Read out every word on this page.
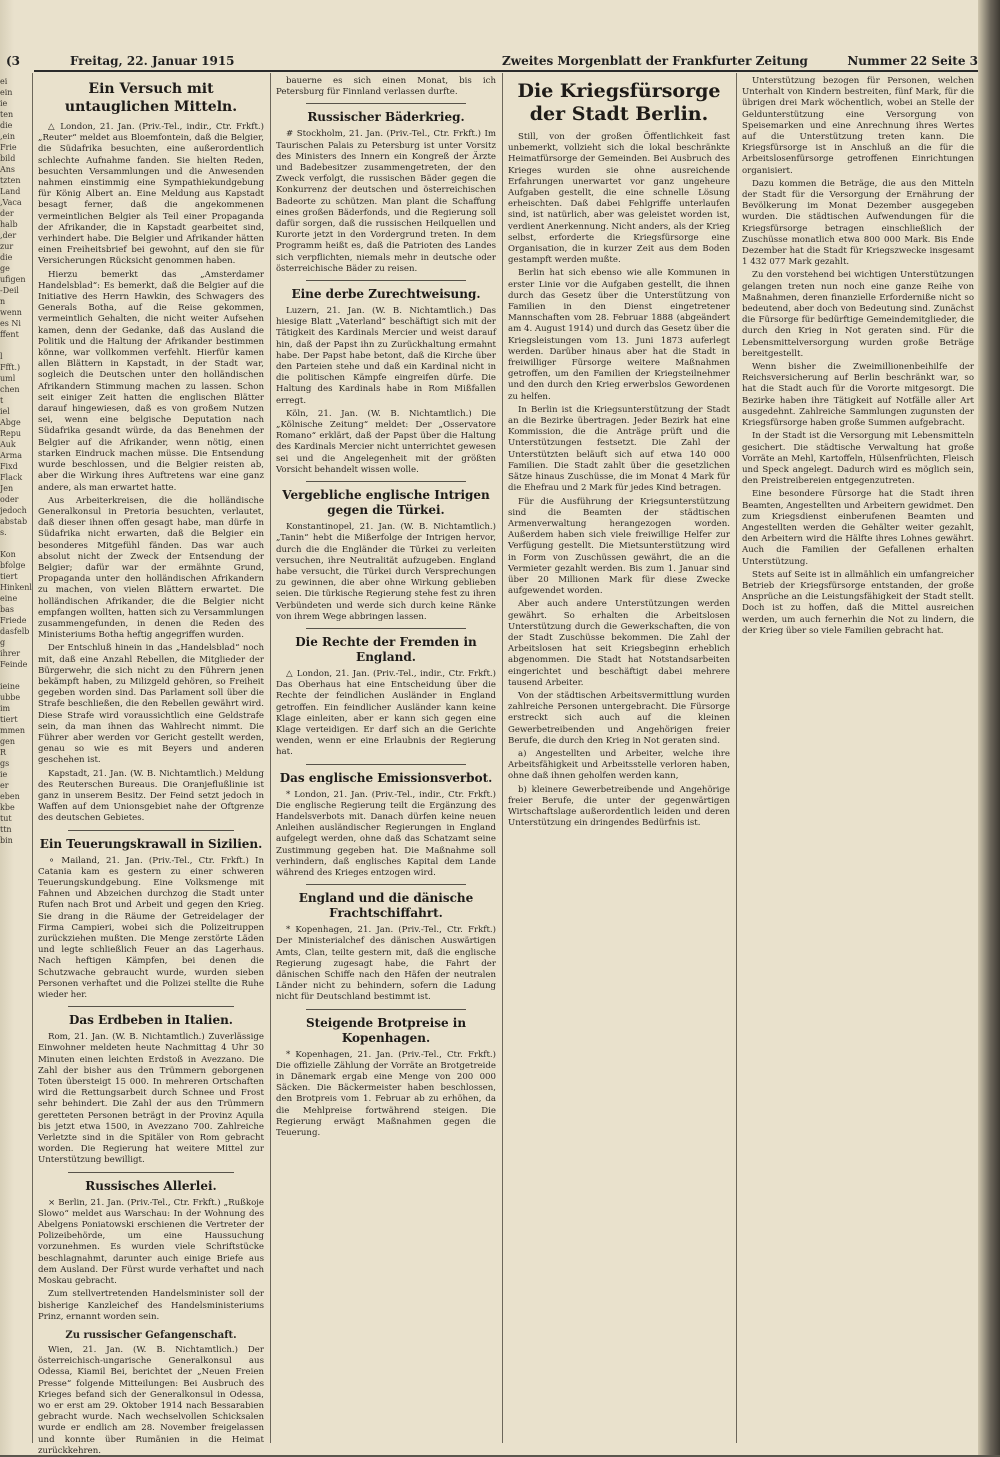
(3	Freitag, 22. Januar 1915	Zweites Morgenblatt der Frankfurter Zeitung	Nummer 22 Seite 3
ei
ein
ie
ten
die
,ein
Frie
bild
Ans
tzten
Land
,Vaca
der
halb
,der
zur
die
ge
ufigen
-Deil
n
wenn
es Ni
ffent

l
Ffft.)
uml
chen
t
iel
Abge
Repu
Auk
Arma
Fixd
Flack
Jen
oder
jedoch
abstab
s.

Kon
bfolge
tiert
Hinkenl
eine
bas
Friede
dasfelb
g
ihrer
Feinde

ieine
ubbe
im
tiert
mmen
gen
R
gs
ie
er
eben
kbe
tut
ttn
bin
Ein Versuch mit untauglichen Mitteln.

△ London, 21. Jan. (Priv.-Tel., indir., Ctr. Frkft.) „Reuter“ meldet aus Bloemfontein, daß die Belgier, die Südafrika besuchten, eine außerordentlich schlechte Aufnahme fanden. Sie hielten Reden, besuchten Versammlungen und die Anwesenden nahmen einstimmig eine Sympathiekundgebung für König Albert an. Eine Meldung aus Kapstadt besagt ferner, daß die angekommenen vermeintlichen Belgier als Teil einer Propaganda der Afrikander, die in Kapstadt gearbeitet sind, verhindert habe. Die Belgier und Afrikander hätten einen Freiheitsbrief bei gewohnt, auf den sie für Versicherungen Rücksicht genommen haben.

Hierzu bemerkt das „Amsterdamer Handelsblad“: Es bemerkt, daß die Belgier auf die Initiative des Herrn Hawkin, des Schwagers des Generals Botha, auf die Reise gekommen, vermeintlich Gehalten, die nicht weiter Aufsehen kamen, denn der Gedanke, daß das Ausland die Politik und die Haltung der Afrikander bestimmen könne, war vollkommen verfehlt. Hierfür kamen allen Blättern in Kapstadt, in der Stadt war, sogleich die Deutschen unter den holländischen Afrikandern Stimmung machen zu lassen. Schon seit einiger Zeit hatten die englischen Blätter darauf hingewiesen, daß es von großem Nutzen sei, wenn eine belgische Deputation nach Südafrika gesandt würde, da das Benehmen der Belgier auf die Afrikander, wenn nötig, einen starken Eindruck machen müsse. Die Entsendung wurde beschlossen, und die Belgier reisten ab, aber die Wirkung ihres Auftretens war eine ganz andere, als man erwartet hatte.

Aus Arbeiterkreisen, die die holländische Generalkonsul in Pretoria besuchten, verlautet, daß dieser ihnen offen gesagt habe, man dürfe in Südafrika nicht erwarten, daß die Belgier ein besonderes Mitgefühl fänden. Das war auch absolut nicht der Zweck der Entsendung der Belgier; dafür war der ermähnte Grund, Propaganda unter den holländischen Afrikandern zu machen, von vielen Blättern erwartet. Die holländischen Afrikander, die die Belgier nicht empfangen wollten, hatten sich zu Versammlungen zusammengefunden, in denen die Reden des Ministeriums Botha heftig angegriffen wurden.

Der Entschluß hinein in das „Handelsblad“ noch mit, daß eine Anzahl Rebellen, die Mitglieder der Bürgerwehr, die sich nicht zu den Führern jenen bekämpft haben, zu Milizgeld gehören, so Freiheit gegeben worden sind. Das Parlament soll über die Strafe beschließen, die den Rebellen gewährt wird. Diese Strafe wird voraussichtlich eine Geldstrafe sein, da man ihnen das Wahlrecht nimmt. Die Führer aber werden vor Gericht gestellt werden, genau so wie es mit Beyers und anderen geschehen ist.

Kapstadt, 21. Jan. (W. B. Nichtamtlich.) Meldung des Reuterschen Bureaus. Die Oranjeflußlinie ist ganz in unserem Besitz. Der Feind setzt jedoch in Waffen auf dem Unionsgebiet nahe der Oftgrenze des deutschen Gebietes.

Ein Teuerungskrawall in Sizilien.

⚬ Mailand, 21. Jan. (Priv.-Tel., Ctr. Frkft.) In Catania kam es gestern zu einer schweren Teuerungskundgebung. Eine Volksmenge mit Fahnen und Abzeichen durchzog die Stadt unter Rufen nach Brot und Arbeit und gegen den Krieg. Sie drang in die Räume der Getreidelager der Firma Campieri, wobei sich die Polizeitruppen zurückziehen mußten. Die Menge zerstörte Läden und legte schließlich Feuer an das Lagerhaus. Nach heftigen Kämpfen, bei denen die Schutzwache gebraucht wurde, wurden sieben Personen verhaftet und die Polizei stellte die Ruhe wieder her.

Das Erdbeben in Italien.

Rom, 21. Jan. (W. B. Nichtamtlich.) Zuverlässige Einwohner meldeten heute Nachmittag 4 Uhr 30 Minuten einen leichten Erdstoß in Avezzano. Die Zahl der bisher aus den Trümmern geborgenen Toten übersteigt 15 000. In mehreren Ortschaften wird die Rettungsarbeit durch Schnee und Frost sehr behindert. Die Zahl der aus den Trümmern geretteten Personen beträgt in der Provinz Aquila bis jetzt etwa 1500, in Avezzano 700. Zahlreiche Verletzte sind in die Spitäler von Rom gebracht worden. Die Regierung hat weitere Mittel zur Unterstützung bewilligt.

Russisches Allerlei.

× Berlin, 21. Jan. (Priv.-Tel., Ctr. Frkft.) „Rußkoje Slowo“ meldet aus Warschau: In der Wohnung des Abelgens Poniatowski erschienen die Vertreter der Polizeibehörde, um eine Haussuchung vorzunehmen. Es wurden viele Schriftstücke beschlagnahmt, darunter auch einige Briefe aus dem Ausland. Der Fürst wurde verhaftet und nach Moskau gebracht.

Zum stellvertretenden Handelsminister soll der bisherige Kanzleichef des Handelsministeriums Prinz, ernannt worden sein.

Zu russischer Gefangenschaft.

Wien, 21. Jan. (W. B. Nichtamtlich.) Der österreichisch-ungarische Generalkonsul aus Odessa, Kiamil Bei, berichtet der „Neuen Freien Presse“ folgende Mitteilungen: Bei Ausbruch des Krieges befand sich der Generalkonsul in Odessa, wo er erst am 29. Oktober 1914 nach Bessarabien gebracht wurde. Nach wechselvollen Schicksalen wurde er endlich am 28. November freigelassen und konnte über Rumänien in die Heimat zurückkehren.

bauerne es sich einen Monat, bis ich Petersburg für Finnland verlassen durfte.

Russischer Bäderkrieg.

# Stockholm, 21. Jan. (Priv.-Tel., Ctr. Frkft.) Im Taurischen Palais zu Petersburg ist unter Vorsitz des Ministers des Innern ein Kongreß der Ärzte und Badebesitzer zusammengetreten, der den Zweck verfolgt, die russischen Bäder gegen die Konkurrenz der deutschen und österreichischen Badeorte zu schützen. Man plant die Schaffung eines großen Bäderfonds, und die Regierung soll dafür sorgen, daß die russischen Heilquellen und Kurorte jetzt in den Vordergrund treten. In dem Programm heißt es, daß die Patrioten des Landes sich verpflichten, niemals mehr in deutsche oder österreichische Bäder zu reisen.

Eine derbe Zurechtweisung.

Luzern, 21. Jan. (W. B. Nichtamtlich.) Das hiesige Blatt „Vaterland“ beschäftigt sich mit der Tätigkeit des Kardinals Mercier und weist darauf hin, daß der Papst ihn zu Zurückhaltung ermahnt habe. Der Papst habe betont, daß die Kirche über den Parteien stehe und daß ein Kardinal nicht in die politischen Kämpfe eingreifen dürfe. Die Haltung des Kardinals habe in Rom Mißfallen erregt.

Köln, 21. Jan. (W. B. Nichtamtlich.) Die „Kölnische Zeitung“ meldet: Der „Osservatore Romano“ erklärt, daß der Papst über die Haltung des Kardinals Mercier nicht unterrichtet gewesen sei und die Angelegenheit mit der größten Vorsicht behandelt wissen wolle.

Vergebliche englische Intrigen gegen die Türkei.

Konstantinopel, 21. Jan. (W. B. Nichtamtlich.) „Tanin“ hebt die Mißerfolge der Intrigen hervor, durch die die Engländer die Türkei zu verleiten versuchen, ihre Neutralität aufzugeben. England habe versucht, die Türkei durch Versprechungen zu gewinnen, die aber ohne Wirkung geblieben seien. Die türkische Regierung stehe fest zu ihren Verbündeten und werde sich durch keine Ränke von ihrem Wege abbringen lassen.

Die Rechte der Fremden in England.

△ London, 21. Jan. (Priv.-Tel., indir., Ctr. Frkft.) Das Oberhaus hat eine Entscheidung über die Rechte der feindlichen Ausländer in England getroffen. Ein feindlicher Ausländer kann keine Klage einleiten, aber er kann sich gegen eine Klage verteidigen. Er darf sich an die Gerichte wenden, wenn er eine Erlaubnis der Regierung hat.

Das englische Emissionsverbot.

* London, 21. Jan. (Priv.-Tel., indir., Ctr. Frkft.) Die englische Regierung teilt die Ergänzung des Handelsverbots mit. Danach dürfen keine neuen Anleihen ausländischer Regierungen in England aufgelegt werden, ohne daß das Schatzamt seine Zustimmung gegeben hat. Die Maßnahme soll verhindern, daß englisches Kapital dem Lande während des Krieges entzogen wird.

England und die dänische Frachtschiffahrt.

* Kopenhagen, 21. Jan. (Priv.-Tel., Ctr. Frkft.) Der Ministerialchef des dänischen Auswärtigen Amts, Clan, teilte gestern mit, daß die englische Regierung zugesagt habe, die Fahrt der dänischen Schiffe nach den Häfen der neutralen Länder nicht zu behindern, sofern die Ladung nicht für Deutschland bestimmt ist.

Steigende Brotpreise in Kopenhagen.

* Kopenhagen, 21. Jan. (Priv.-Tel., Ctr. Frkft.) Die offizielle Zählung der Vorräte an Brotgetreide in Dänemark ergab eine Menge von 200 000 Säcken. Die Bäckermeister haben beschlossen, den Brotpreis vom 1. Februar ab zu erhöhen, da die Mehlpreise fortwährend steigen. Die Regierung erwägt Maßnahmen gegen die Teuerung.

Die Kriegsfürsorge der Stadt Berlin.

Still, von der großen Öffentlichkeit fast unbemerkt, vollzieht sich die lokal beschränkte Heimatfürsorge der Gemeinden. Bei Ausbruch des Krieges wurden sie ohne ausreichende Erfahrungen unerwartet vor ganz ungeheure Aufgaben gestellt, die eine schnelle Lösung erheischten. Daß dabei Fehlgriffe unterlaufen sind, ist natürlich, aber was geleistet worden ist, verdient Anerkennung. Nicht anders, als der Krieg selbst, erforderte die Kriegsfürsorge eine Organisation, die in kurzer Zeit aus dem Boden gestampft werden mußte.

Berlin hat sich ebenso wie alle Kommunen in erster Linie vor die Aufgaben gestellt, die ihnen durch das Gesetz über die Unterstützung von Familien in den Dienst eingetretener Mannschaften vom 28. Februar 1888 (abgeändert am 4. August 1914) und durch das Gesetz über die Kriegsleistungen vom 13. Juni 1873 auferlegt werden. Darüber hinaus aber hat die Stadt in freiwilliger Fürsorge weitere Maßnahmen getroffen, um den Familien der Kriegsteilnehmer und den durch den Krieg erwerbslos Gewordenen zu helfen.

In Berlin ist die Kriegsunterstützung der Stadt an die Bezirke übertragen. Jeder Bezirk hat eine Kommission, die die Anträge prüft und die Unterstützungen festsetzt. Die Zahl der Unterstützten beläuft sich auf etwa 140 000 Familien. Die Stadt zahlt über die gesetzlichen Sätze hinaus Zuschüsse, die im Monat 4 Mark für die Ehefrau und 2 Mark für jedes Kind betragen.

Für die Ausführung der Kriegsunterstützung sind die Beamten der städtischen Armenverwaltung herangezogen worden. Außerdem haben sich viele freiwillige Helfer zur Verfügung gestellt. Die Mietsunterstützung wird in Form von Zuschüssen gewährt, die an die Vermieter gezahlt werden. Bis zum 1. Januar sind über 20 Millionen Mark für diese Zwecke aufgewendet worden.

Aber auch andere Unterstützungen werden gewährt. So erhalten die Arbeitslosen Unterstützung durch die Gewerkschaften, die von der Stadt Zuschüsse bekommen. Die Zahl der Arbeitslosen hat seit Kriegsbeginn erheblich abgenommen. Die Stadt hat Notstandsarbeiten eingerichtet und beschäftigt dabei mehrere tausend Arbeiter.

Von der städtischen Arbeitsvermittlung wurden zahlreiche Personen untergebracht. Die Fürsorge erstreckt sich auch auf die kleinen Gewerbetreibenden und Angehörigen freier Berufe, die durch den Krieg in Not geraten sind.

a) Angestellten und Arbeiter, welche ihre Arbeitsfähigkeit und Arbeitsstelle verloren haben, ohne daß ihnen geholfen werden kann,

b) kleinere Gewerbetreibende und Angehörige freier Berufe, die unter der gegenwärtigen Wirtschaftslage außerordentlich leiden und deren Unterstützung ein dringendes Bedürfnis ist.

Unterstützung bezogen für Personen, welchen Unterhalt von Kindern bestreiten, fünf Mark, für die übrigen drei Mark wöchentlich, wobei an Stelle der Geldunterstützung eine Versorgung von Speisemarken und eine Anrechnung ihres Wertes auf die Unterstützung treten kann. Die Kriegsfürsorge ist in Anschluß an die für die Arbeitslosenfürsorge getroffenen Einrichtungen organisiert.

Dazu kommen die Beträge, die aus den Mitteln der Stadt für die Versorgung der Ernährung der Bevölkerung im Monat Dezember ausgegeben wurden. Die städtischen Aufwendungen für die Kriegsfürsorge betragen einschließlich der Zuschüsse monatlich etwa 800 000 Mark. Bis Ende Dezember hat die Stadt für Kriegszwecke insgesamt 1 432 077 Mark gezahlt.

Zu den vorstehend bei wichtigen Unterstützungen gelangen treten nun noch eine ganze Reihe von Maßnahmen, deren finanzielle Erforderniße nicht so bedeutend, aber doch von Bedeutung sind. Zunächst die Fürsorge für bedürftige Gemeindemitglieder, die durch den Krieg in Not geraten sind. Für die Lebensmittelversorgung wurden große Beträge bereitgestellt.

Wenn bisher die Zweimillionenbeihilfe der Reichsversicherung auf Berlin beschränkt war, so hat die Stadt auch für die Vororte mitgesorgt. Die Bezirke haben ihre Tätigkeit auf Notfälle aller Art ausgedehnt. Zahlreiche Sammlungen zugunsten der Kriegsfürsorge haben große Summen aufgebracht.

In der Stadt ist die Versorgung mit Lebensmitteln gesichert. Die städtische Verwaltung hat große Vorräte an Mehl, Kartoffeln, Hülsenfrüchten, Fleisch und Speck angelegt. Dadurch wird es möglich sein, den Preistreibereien entgegenzutreten.

Eine besondere Fürsorge hat die Stadt ihren Beamten, Angestellten und Arbeitern gewidmet. Den zum Kriegsdienst einberufenen Beamten und Angestellten werden die Gehälter weiter gezahlt, den Arbeitern wird die Hälfte ihres Lohnes gewährt. Auch die Familien der Gefallenen erhalten Unterstützung.

Stets auf Seite ist in allmählich ein umfangreicher Betrieb der Kriegsfürsorge entstanden, der große Ansprüche an die Leistungsfähigkeit der Stadt stellt. Doch ist zu hoffen, daß die Mittel ausreichen werden, um auch fernerhin die Not zu lindern, die der Krieg über so viele Familien gebracht hat.
